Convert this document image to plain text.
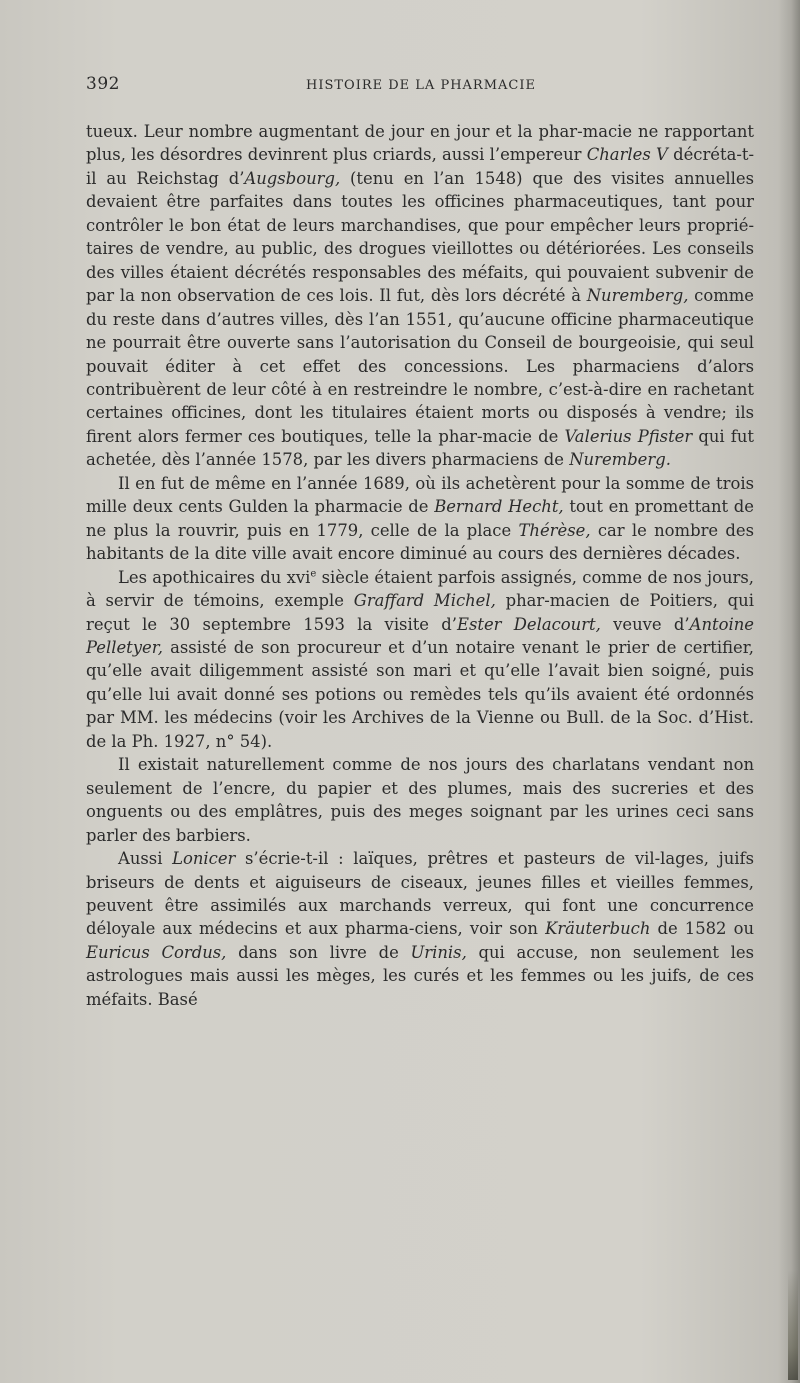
392	HISTOIRE DE LA PHARMACIE

tueux. Leur nombre augmentant de jour en jour et la phar-macie ne rapportant plus, les désordres devinrent plus criards, aussi l’empereur Charles V décréta-t-il au Reichstag d’Augsbourg, (tenu en l’an 1548) que des visites annuelles devaient être parfaites dans toutes les officines pharmaceutiques, tant pour contrôler le bon état de leurs marchandises, que pour empêcher leurs proprié-taires de vendre, au public, des drogues vieillottes ou détériorées. Les conseils des villes étaient décrétés responsables des méfaits, qui pouvaient subvenir de par la non observation de ces lois. Il fut, dès lors décrété à Nuremberg, comme du reste dans d’autres villes, dès l’an 1551, qu’aucune officine pharmaceutique ne pourrait être ouverte sans l’autorisation du Conseil de bourgeoisie, qui seul pouvait éditer à cet effet des concessions. Les pharmaciens d’alors contribuèrent de leur côté à en restreindre le nombre, c’est-à-dire en rachetant certaines officines, dont les titulaires étaient morts ou disposés à vendre; ils firent alors fermer ces boutiques, telle la phar-macie de Valerius Pfister qui fut achetée, dès l’année 1578, par les divers pharmaciens de Nuremberg.

Il en fut de même en l’année 1689, où ils achetèrent pour la somme de trois mille deux cents Gulden la pharmacie de Bernard Hecht, tout en promettant de ne plus la rouvrir, puis en 1779, celle de la place Thérèse, car le nombre des habitants de la dite ville avait encore diminué au cours des dernières décades.

Les apothicaires du xvi$^e$ siècle étaient parfois assignés, comme de nos jours, à servir de témoins, exemple Graffard Michel, phar-macien de Poitiers, qui reçut le 30 septembre 1593 la visite d’Ester Delacourt, veuve d’Antoine Pelletyer, assisté de son procureur et d’un notaire venant le prier de certifier, qu’elle avait diligemment assisté son mari et qu’elle l’avait bien soigné, puis qu’elle lui avait donné ses potions ou remèdes tels qu’ils avaient été ordonnés par MM. les médecins (voir les Archives de la Vienne ou Bull. de la Soc. d’Hist. de la Ph. 1927, n° 54).

Il existait naturellement comme de nos jours des charlatans vendant non seulement de l’encre, du papier et des plumes, mais des sucreries et des onguents ou des emplâtres, puis des meges soignant par les urines ceci sans parler des barbiers.

Aussi Lonicer s’écrie-t-il : laïques, prêtres et pasteurs de vil-lages, juifs briseurs de dents et aiguiseurs de ciseaux, jeunes filles et vieilles femmes, peuvent être assimilés aux marchands verreux, qui font une concurrence déloyale aux médecins et aux pharma-ciens, voir son Kräuterbuch de 1582 ou Euricus Cordus, dans son livre de Urinis, qui accuse, non seulement les astrologues mais aussi les mèges, les curés et les femmes ou les juifs, de ces méfaits. Basé
